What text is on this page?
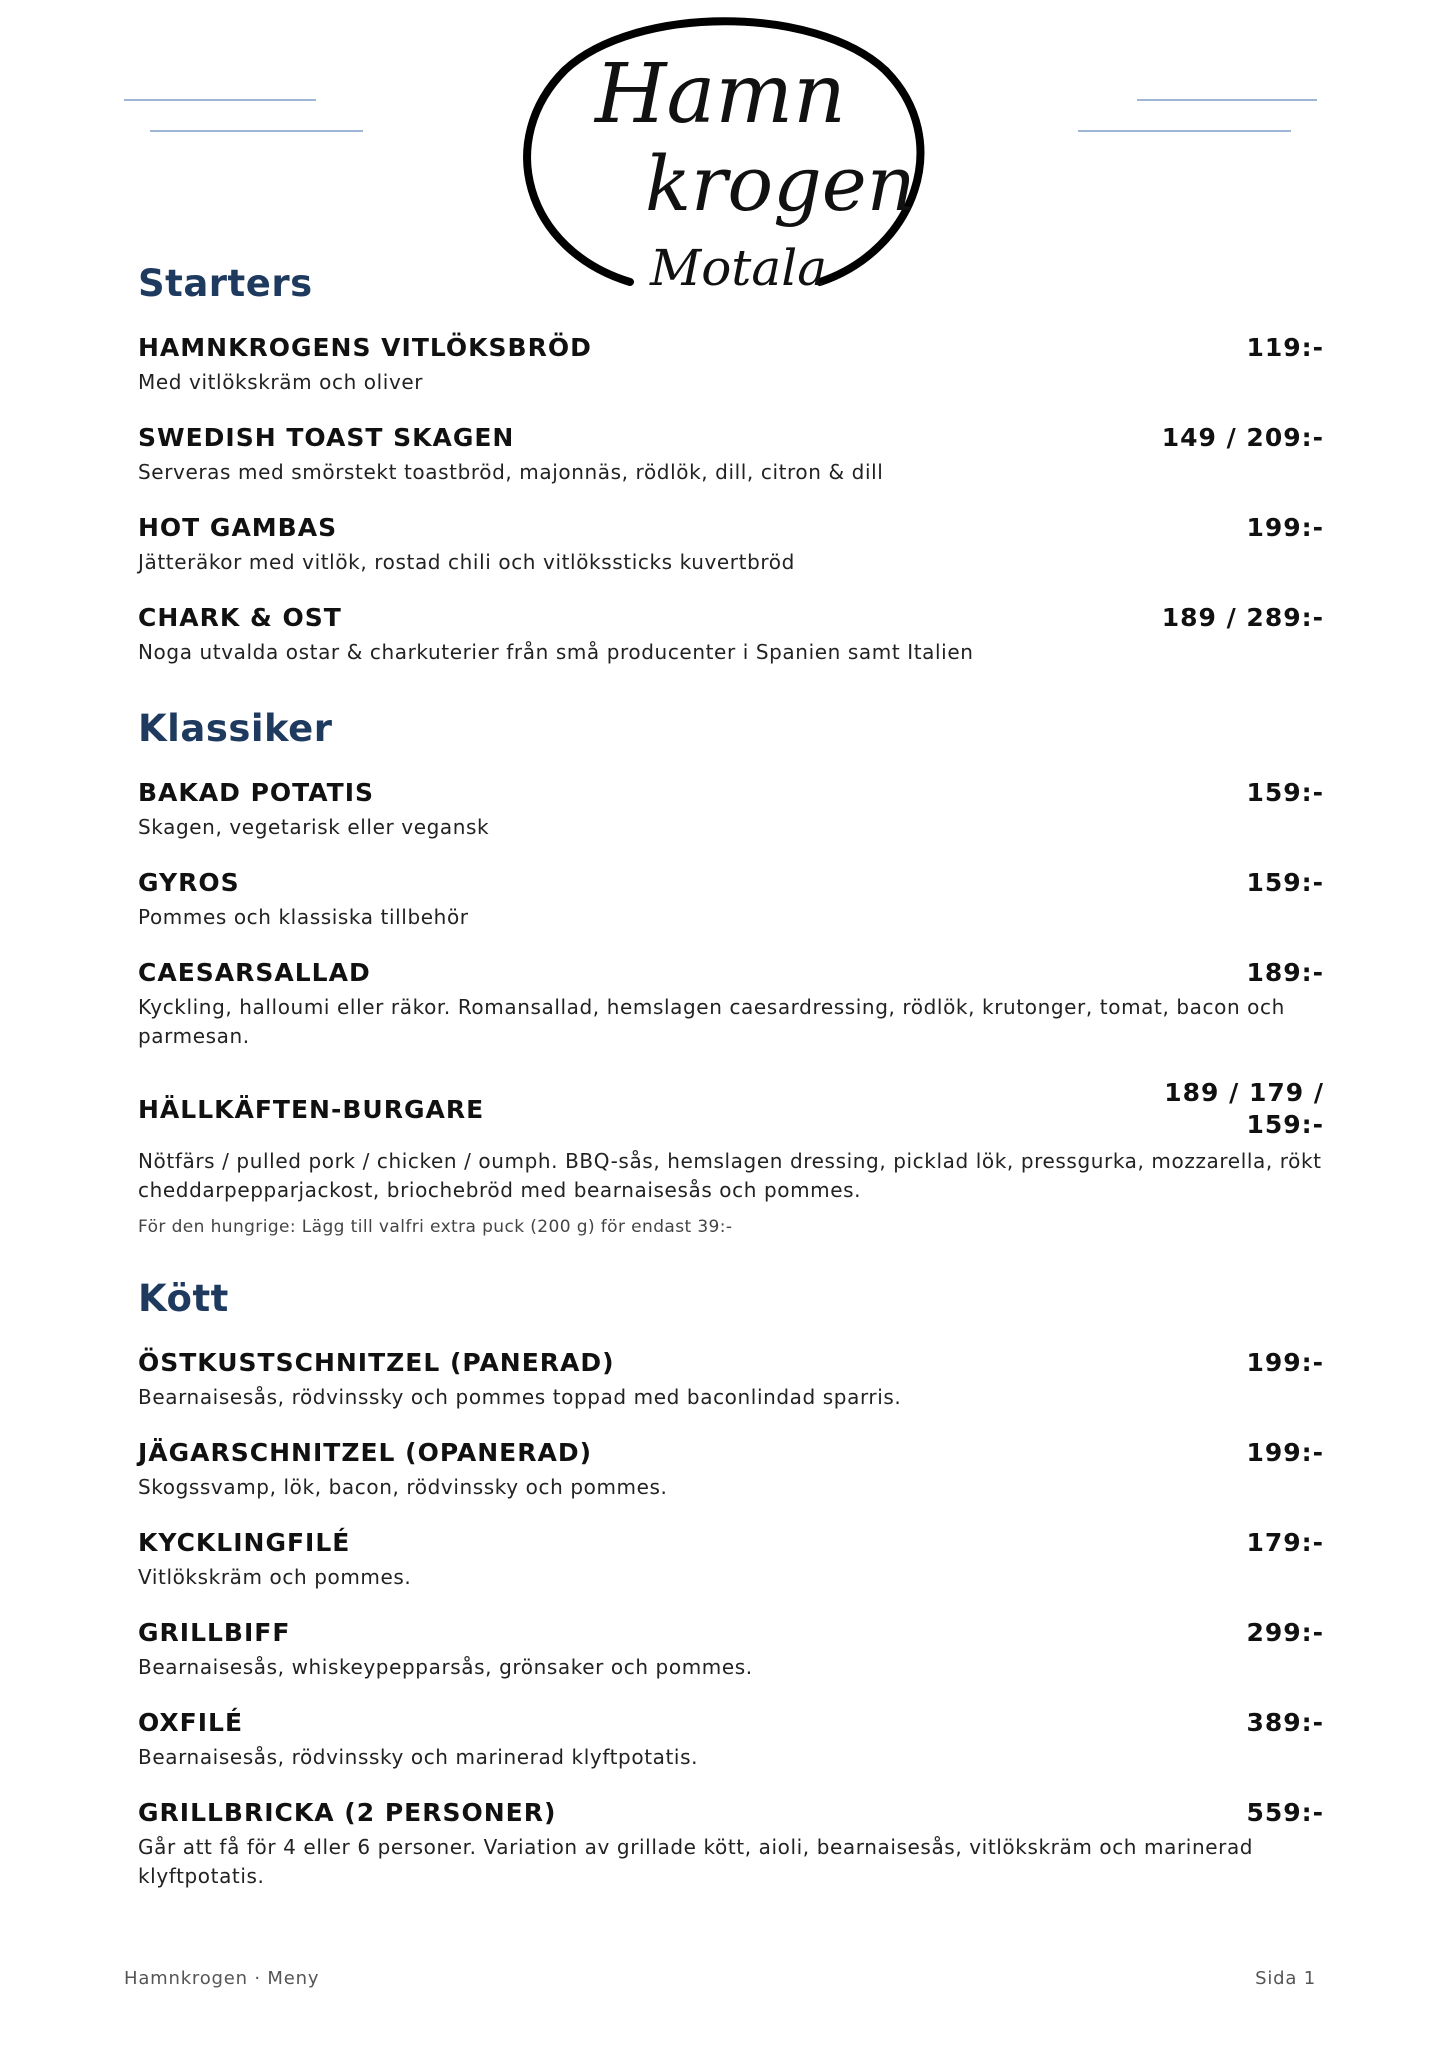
Hamn
krogen
Motala
Starters
HAMNKROGENS VITLÖKSBRÖD	119:-
Med vitlökskräm och oliver
SWEDISH TOAST SKAGEN	149 / 209:-
Serveras med smörstekt toastbröd, majonnäs, rödlök, dill, citron & dill
HOT GAMBAS	199:-
Jätteräkor med vitlök, rostad chili och vitlökssticks kuvertbröd
CHARK & OST	189 / 289:-
Noga utvalda ostar & charkuterier från små producenter i Spanien samt Italien
Klassiker
BAKAD POTATIS	159:-
Skagen, vegetarisk eller vegansk
GYROS	159:-
Pommes och klassiska tillbehör
CAESARSALLAD	189:-
Kyckling, halloumi eller räkor. Romansallad, hemslagen caesardressing, rödlök, krutonger, tomat, bacon och parmesan.
HÄLLKÄFTEN-BURGARE
189 / 179 / 159:-
Nötfärs / pulled pork / chicken / oumph. BBQ-sås, hemslagen dressing, picklad lök, pressgurka, mozzarella, rökt cheddarpepparjackost, briochebröd med bearnaisesås och pommes.
För den hungrige: Lägg till valfri extra puck (200 g) för endast 39:-
Kött
ÖSTKUSTSCHNITZEL (PANERAD)	199:-
Bearnaisesås, rödvinssky och pommes toppad med baconlindad sparris.
JÄGARSCHNITZEL (OPANERAD)	199:-
Skogssvamp, lök, bacon, rödvinssky och pommes.
KYCKLINGFILÉ	179:-
Vitlökskräm och pommes.
GRILLBIFF	299:-
Bearnaisesås, whiskeypepparsås, grönsaker och pommes.
OXFILÉ	389:-
Bearnaisesås, rödvinssky och marinerad klyftpotatis.
GRILLBRICKA (2 PERSONER)	559:-
Går att få för 4 eller 6 personer. Variation av grillade kött, aioli, bearnaisesås, vitlökskräm och marinerad klyftpotatis.
Hamnkrogen · Meny	Sida 1
